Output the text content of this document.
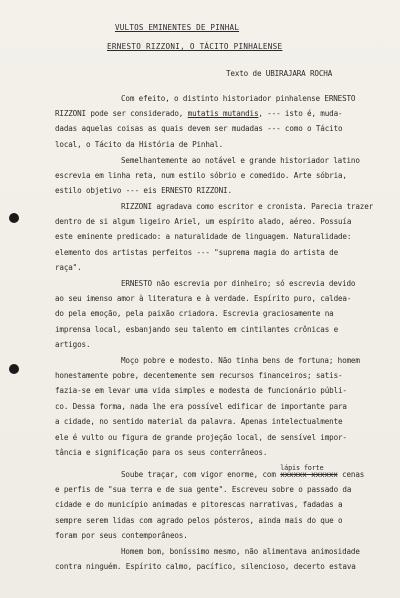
VULTOS EMINENTES DE PINHAL
ERNESTO RIZZONI, O TÁCITO PINHALENSE
Texto de UBIRAJARA ROCHA
Com efeito, o distinto historiador pinhalense ERNESTO
RIZZONI pode ser considerado, mutatis mutandis, --- isto é, muda-
dadas aquelas coisas as quais devem ser mudadas --- como o Tácito
local, o Tácito da História de Pinhal.
Semelhantemente ao notável e grande historiador latino
escrevia em linha reta, num estilo sóbrio e comedido. Arte sóbria,
estilo objetivo --- eis ERNESTO RIZZONI.
RIZZONI agradava como escritor e cronista. Parecia trazer
dentro de si algum ligeiro Ariel, um espírito alado, aéreo. Possuía
este eminente predicado: a naturalidade de linguagem. Naturalidade:
elemento dos artistas perfeitos --- "suprema magia do artista de
raça".
ERNESTO não escrevia por dinheiro; só escrevia devido
ao seu imenso amor à literatura e à verdade. Espírito puro, caldea-
do pela emoção, pela paixão criadora. Escrevia graciosamente na
imprensa local, esbanjando seu talento em cintilantes crônicas e
artigos.
Moço pobre e modesto. Não tinha bens de fortuna; homem
honestamente pobre, decentemente sem recursos financeiros; satis-
fazia-se em levar uma vida simples e modesta de funcionário públi-
co. Dessa forma, nada lhe era possível edificar de importante para
a cidade, no sentido material da palavra. Apenas intelectualmente
ele é vulto ou figura de grande projeção local, de sensível impor-
tância e significação para os seus conterrâneos.
Soube traçar, com vigor enorme, com
lápis forte
xxxxxx xxxxxx cenas
e perfis de "sua terra e de sua gente". Escreveu sobre o passado da
cidade e do município animadas e pitorescas narrativas, fadadas a
sempre serem lidas com agrado pelos pósteros, ainda mais do que o
foram por seus contemporâneos.
Homem bom, boníssimo mesmo, não alimentava animosidade
contra ninguém. Espírito calmo, pacífico, silencioso, decerto estava
